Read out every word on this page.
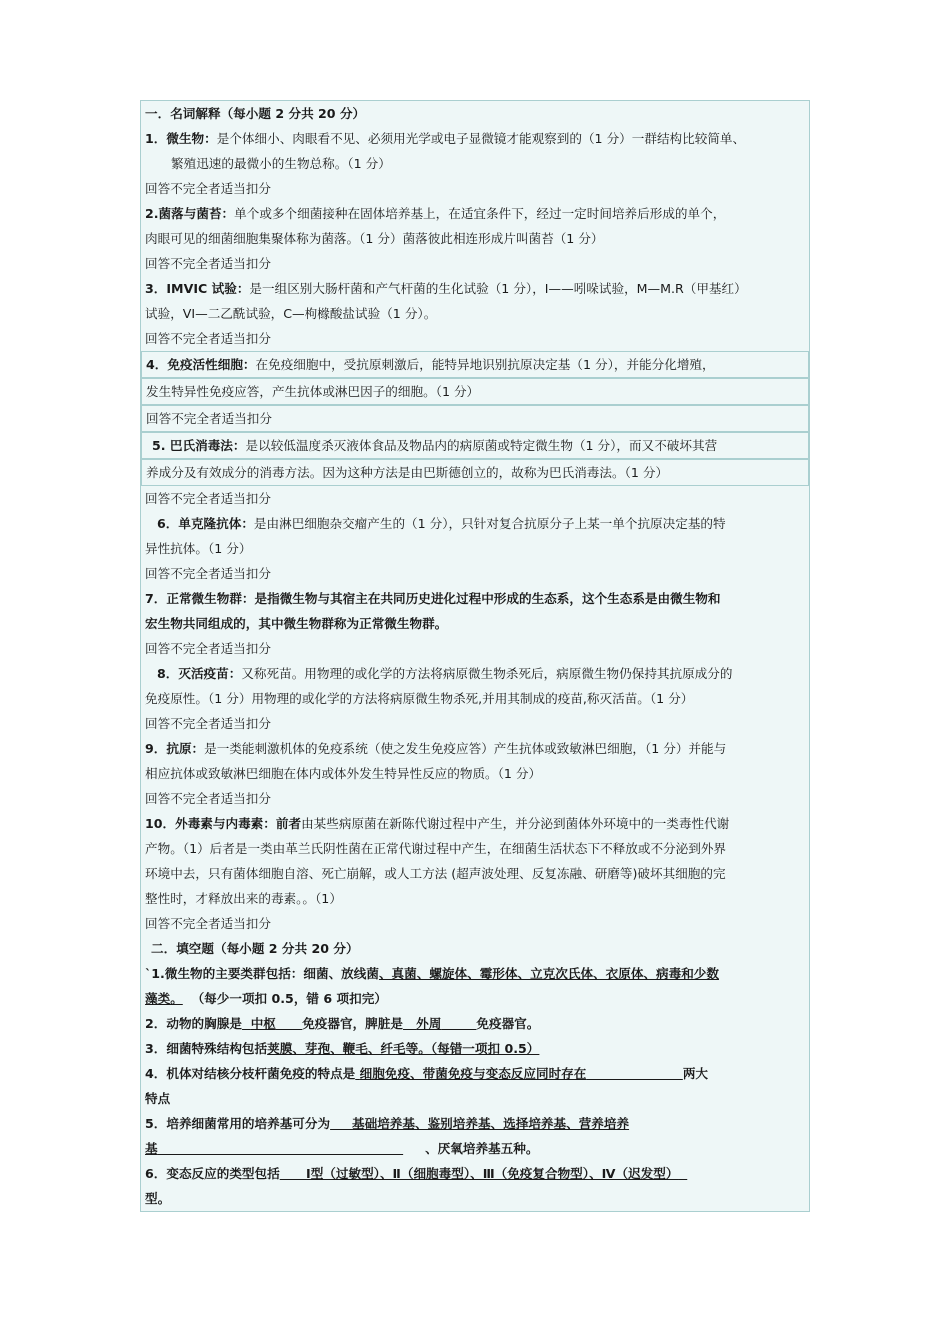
一．名词解释（每小题 2 分共 20 分）
1．微生物：是个体细小、肉眼看不见、必须用光学或电子显微镜才能观察到的（1 分）一群结构比较简单、
繁殖迅速的最微小的生物总称。（1 分）
回答不完全者适当扣分
2.菌落与菌苔：单个或多个细菌接种在固体培养基上，在适宜条件下，经过一定时间培养后形成的单个，
肉眼可见的细菌细胞集聚体称为菌落。（1 分）菌落彼此相连形成片叫菌苔（1 分）
回答不完全者适当扣分
3．IMVIC 试验：是一组区别大肠杆菌和产气杆菌的生化试验（1 分），I——吲哚试验，M—M.R（甲基红）
试验，VI—二乙酰试验，C—枸橼酸盐试验（1 分）。
回答不完全者适当扣分
4．免疫活性细胞：在免疫细胞中，受抗原刺激后，能特异地识别抗原决定基（1 分），并能分化增殖，
发生特异性免疫应答，产生抗体或淋巴因子的细胞。（1 分）
回答不完全者适当扣分
5. 巴氏消毒法：是以较低温度杀灭液体食品及物品内的病原菌或特定微生物（1 分），而又不破坏其营
养成分及有效成分的消毒方法。因为这种方法是由巴斯德创立的，故称为巴氏消毒法。（1 分）
回答不完全者适当扣分
6．单克隆抗体：是由淋巴细胞杂交瘤产生的（1 分），只针对复合抗原分子上某一单个抗原决定基的特
异性抗体。（1 分）
回答不完全者适当扣分
7．正常微生物群：是指微生物与其宿主在共同历史进化过程中形成的生态系，这个生态系是由微生物和
宏生物共同组成的，其中微生物群称为正常微生物群。
回答不完全者适当扣分
8．灭活疫苗：又称死苗。用物理的或化学的方法将病原微生物杀死后，病原微生物仍保持其抗原成分的
免疫原性。（1 分）用物理的或化学的方法将病原微生物杀死,并用其制成的疫苗,称灭活苗。（1 分）
回答不完全者适当扣分
9．抗原：是一类能刺激机体的免疫系统（使之发生免疫应答）产生抗体或致敏淋巴细胞，（1 分）并能与
相应抗体或致敏淋巴细胞在体内或体外发生特异性反应的物质。（1 分）
回答不完全者适当扣分
10．外毒素与内毒素：前者由某些病原菌在新陈代谢过程中产生，并分泌到菌体外环境中的一类毒性代谢
产物。（1）后者是一类由革兰氏阴性菌在正常代谢过程中产生，在细菌生活状态下不释放或不分泌到外界
环境中去，只有菌体细胞自溶、死亡崩解，或人工方法 (超声波处理、反复冻融、研磨等)破坏其细胞的完
整性时，才释放出来的毒素。。（1）
回答不完全者适当扣分
二．填空题（每小题 2 分共 20 分）
`1.微生物的主要类群包括：细菌、放线菌、真菌、螺旋体、霉形体、立克次氏体、衣原体、病毒和少数
藻类。 （每少一项扣 0.5，错 6 项扣完）
2．动物的胸腺是 中枢 免疫器官，脾脏是 外周	免疫器官。
3．细菌特殊结构包括荚膜、芽孢、鞭毛、纤毛等。（每错一项扣 0.5）
4．机体对结核分枝杆菌免疫的特点是 细胞免疫、带菌免疫与变态反应同时存在	两大
特点
5．培养细菌常用的培养基可分为 基础培养基、鉴别培养基、选择培养基、营养培养
基	、厌氧培养基五种。
6．变态反应的类型包括 Ⅰ型（过敏型）、Ⅱ（细胞毒型）、Ⅲ（免疫复合物型）、Ⅳ（迟发型）
型。
